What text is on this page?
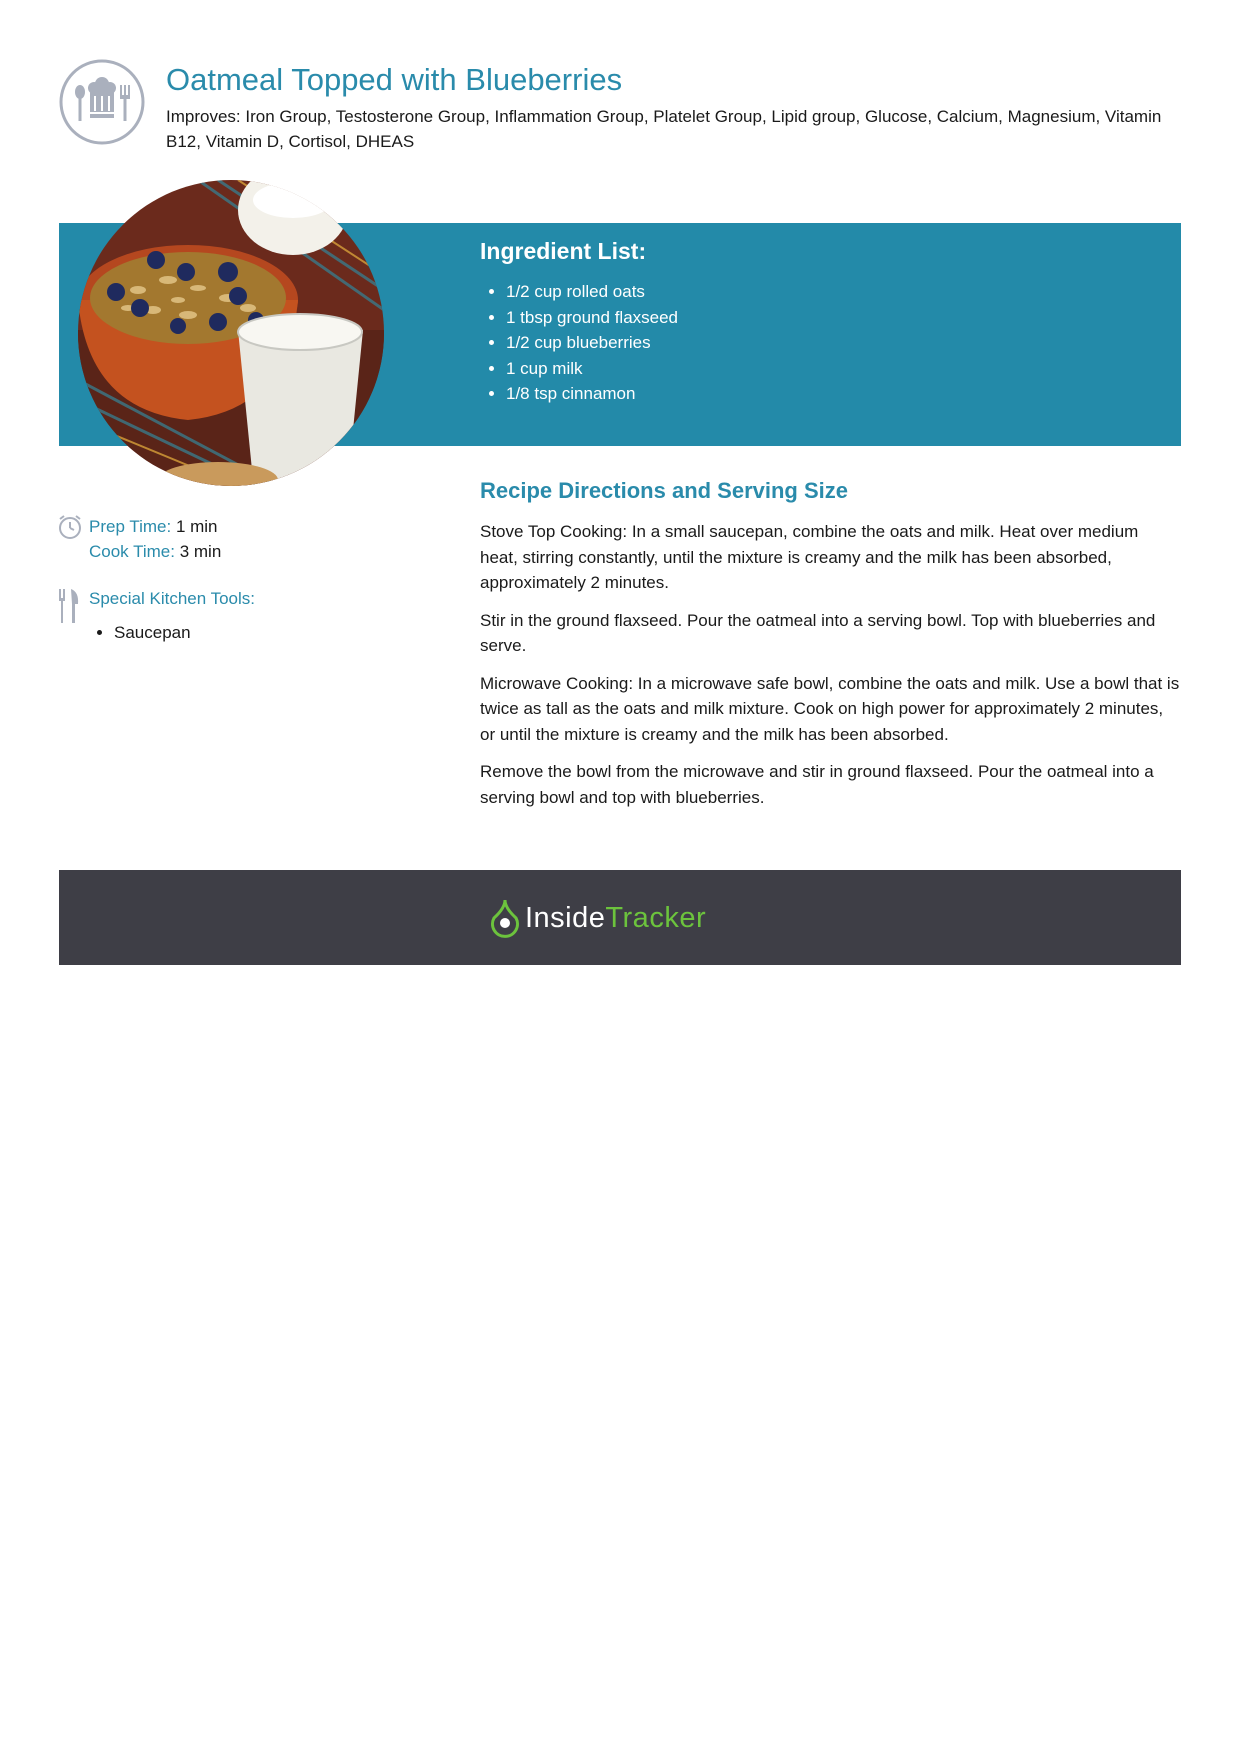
Oatmeal Topped with Blueberries

Improves: Iron Group, Testosterone Group, Inflammation Group, Platelet Group, Lipid group, Glucose, Calcium, Magnesium, Vitamin B12, Vitamin D, Cortisol, DHEAS

Ingredient List:
• 1/2 cup rolled oats
• 1 tbsp ground flaxseed
• 1/2 cup blueberries
• 1 cup milk
• 1/8 tsp cinnamon
Prep Time: 1 min
Cook Time: 3 min
Special Kitchen Tools:
• Saucepan
Recipe Directions and Serving Size

Stove Top Cooking: In a small saucepan, combine the oats and milk. Heat over medium heat, stirring constantly, until the mixture is creamy and the milk has been absorbed, approximately 2 minutes.

Stir in the ground flaxseed. Pour the oatmeal into a serving bowl. Top with blueberries and serve.

Microwave Cooking: In a microwave safe bowl, combine the oats and milk. Use a bowl that is twice as tall as the oats and milk mixture. Cook on high power for approximately 2 minutes, or until the mixture is creamy and the milk has been absorbed.

Remove the bowl from the microwave and stir in ground flaxseed. Pour the oatmeal into a serving bowl and top with blueberries.

InsideTracker
